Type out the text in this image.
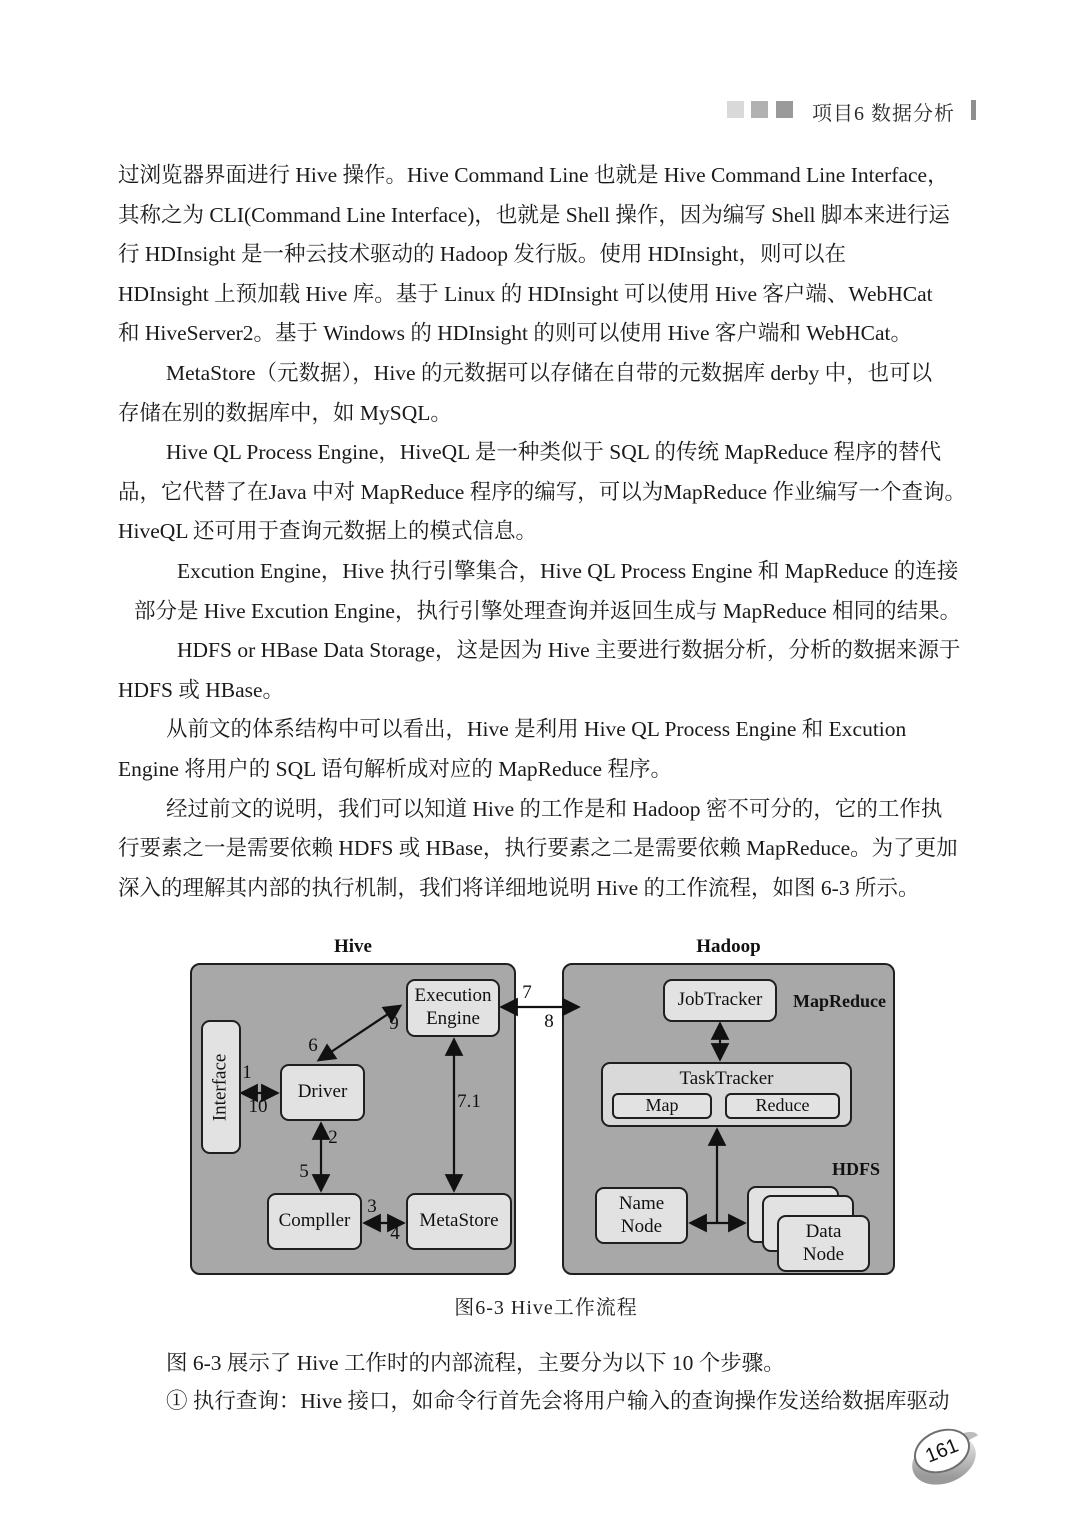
项目6 数据分析
过浏览器界面进行 Hive 操作。Hive Command Line 也就是 Hive Command Line Interface，
其称之为 CLI(Command Line Interface)，也就是 Shell 操作，因为编写 Shell 脚本来进行运
行 HDInsight 是一种云技术驱动的 Hadoop 发行版。使用 HDInsight，则可以在
HDInsight 上预加载 Hive 库。基于 Linux 的 HDInsight 可以使用 Hive 客户端、WebHCat
和 HiveServer2。基于 Windows 的 HDInsight 的则可以使用 Hive 客户端和 WebHCat。
MetaStore（元数据），Hive 的元数据可以存储在自带的元数据库 derby 中，也可以
存储在别的数据库中，如 MySQL。
Hive QL Process Engine，HiveQL 是一种类似于 SQL 的传统 MapReduce 程序的替代
品，它代替了在Java 中对 MapReduce 程序的编写，可以为MapReduce 作业编写一个查询。
HiveQL 还可用于查询元数据上的模式信息。
Excution Engine，Hive 执行引擎集合，Hive QL Process Engine 和 MapReduce 的连接
部分是 Hive Excution Engine，执行引擎处理查询并返回生成与 MapReduce 相同的结果。
HDFS or HBase Data Storage，这是因为 Hive 主要进行数据分析，分析的数据来源于
HDFS 或 HBase。
从前文的体系结构中可以看出，Hive 是利用 Hive QL Process Engine 和 Excution
Engine 将用户的 SQL 语句解析成对应的 MapReduce 程序。
经过前文的说明，我们可以知道 Hive 的工作是和 Hadoop 密不可分的，它的工作执
行要素之一是需要依赖 HDFS 或 HBase，执行要素之二是需要依赖 MapReduce。为了更加
深入的理解其内部的执行机制，我们将详细地说明 Hive 的工作流程，如图 6-3 所示。
Hive	Hadoop
Interface	Driver
Execution Engine
Compller	MetaStore
JobTracker
TaskTracker
Map	Reduce
Name Node	Data Node
MapReduce
HDFS
1
10
6
9
2
5
3
4
7.1
7
8
图6-3 Hive工作流程
图 6-3 展示了 Hive 工作时的内部流程，主要分为以下 10 个步骤。
① 执行查询：Hive 接口，如命令行首先会将用户输入的查询操作发送给数据库驱动
161
